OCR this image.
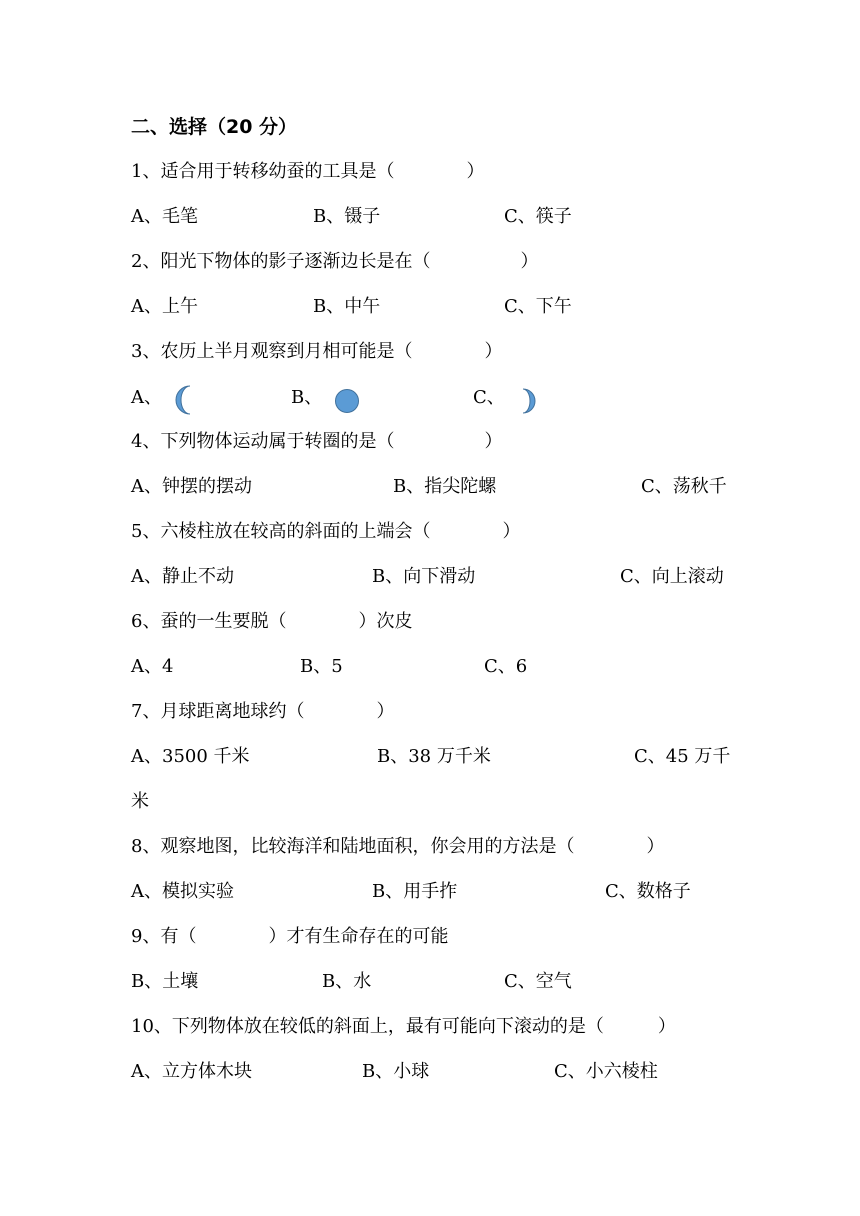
二、选择（20 分）
1、适合用于转移幼蚕的工具是（　　　　）
A、毛笔	B、镊子	C、筷子
2、阳光下物体的影子逐渐边长是在（　　　　　）
A、上午	B、中午	C、下午
3、农历上半月观察到月相可能是（　　　　）
A、	B、	C、
4、下列物体运动属于转圈的是（　　　　　）
A、钟摆的摆动	B、指尖陀螺	C、荡秋千
5、六棱柱放在较高的斜面的上端会（　　　　）
A、静止不动	B、向下滑动	C、向上滚动
6、蚕的一生要脱（　　　　）次皮
A、4	B、5	C、6
7、月球距离地球约（　　　　）
A、3500 千米	B、38 万千米	C、45 万千
米
8、观察地图，比较海洋和陆地面积，你会用的方法是（　　　　）
A、模拟实验	B、用手拃	C、数格子
9、有（　　　　）才有生命存在的可能
B、土壤	B、水	C、空气
10、下列物体放在较低的斜面上，最有可能向下滚动的是（　　　）
A、立方体木块	B、小球	C、小六棱柱
